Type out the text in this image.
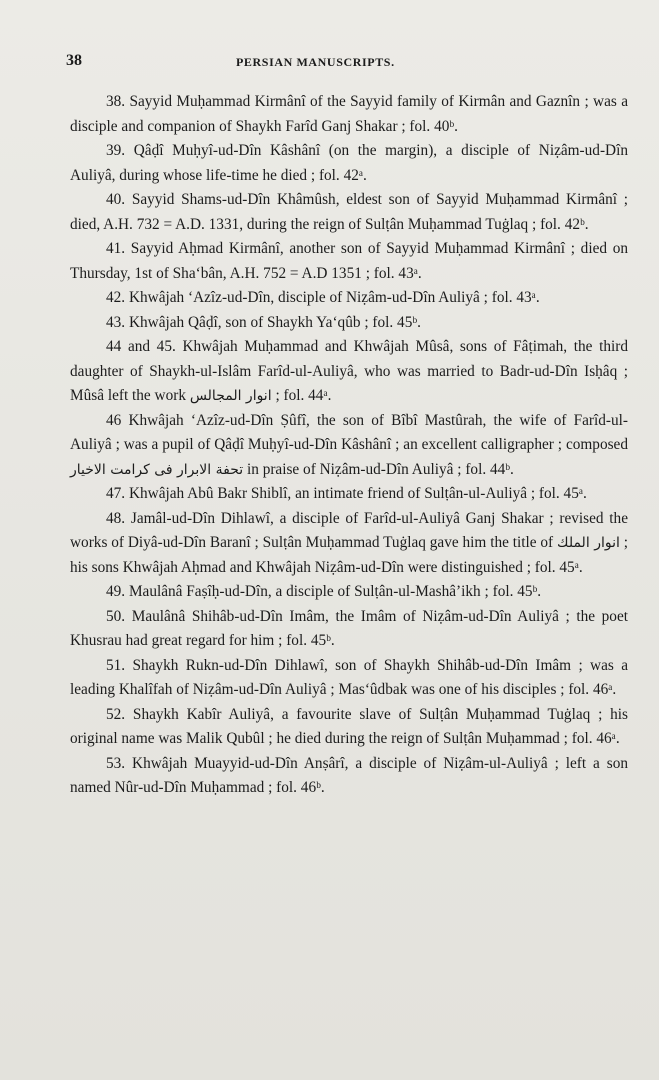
38	PERSIAN MANUSCRIPTS.

38. Sayyid Muḥammad Kirmânî of the Sayyid family of Kirmân and Gaznîn ; was a disciple and companion of Shaykh Farîd Ganj Shakar ; fol. 40ᵇ.

39. Qâḍî Muḥyî-ud-Dîn Kâshânî (on the margin), a disciple of Niẓâm-ud-Dîn Auliyâ, during whose life-time he died ; fol. 42ᵃ.

40. Sayyid Shams-ud-Dîn Khâmûsh, eldest son of Sayyid Muḥammad Kirmânî ; died, A.H. 732 = A.D. 1331, during the reign of Sulṭân Muḥammad Tuġlaq ; fol. 42ᵇ.

41. Sayyid Aḥmad Kirmânî, another son of Sayyid Muḥammad Kirmânî ; died on Thursday, 1st of Sha‘bân, A.H. 752 = A.D 1351 ; fol. 43ᵃ.

42. Khwâjah ‘Azîz-ud-Dîn, disciple of Niẓâm-ud-Dîn Auliyâ ; fol. 43ᵃ.

43. Khwâjah Qâḍî, son of Shaykh Ya‘qûb ; fol. 45ᵇ.

44 and 45. Khwâjah Muḥammad and Khwâjah Mûsâ, sons of Fâṭimah, the third daughter of Shaykh-ul-Islâm Farîd-ul-Auliyâ, who was married to Badr-ud-Dîn Isḥâq ; Mûsâ left the work انوار المجالس ; fol. 44ᵃ.

46 Khwâjah ‘Azîz-ud-Dîn Ṣûfî, the son of Bîbî Mastûrah, the wife of Farîd-ul-Auliyâ ; was a pupil of Qâḍî Muḥyî-ud-Dîn Kâshânî ; an excellent calligrapher ; composed تحفة الابرار فى كرامت الاخيار in praise of Niẓâm-ud-Dîn Auliyâ ; fol. 44ᵇ.

47. Khwâjah Abû Bakr Shiblî, an intimate friend of Sulṭân-ul-Auliyâ ; fol. 45ᵃ.

48. Jamâl-ud-Dîn Dihlawî, a disciple of Farîd-ul-Auliyâ Ganj Shakar ; revised the works of Diyâ-ud-Dîn Baranî ; Sulṭân Muḥammad Tuġlaq gave him the title of انوار الملك ; his sons Khwâjah Aḥmad and Khwâjah Niẓâm-ud-Dîn were distinguished ; fol. 45ᵃ.

49. Maulânâ Faṣîḥ-ud-Dîn, a disciple of Sulṭân-ul-Mashâ’ikh ; fol. 45ᵇ.

50. Maulânâ Shihâb-ud-Dîn Imâm, the Imâm of Niẓâm-ud-Dîn Auliyâ ; the poet Khusrau had great regard for him ; fol. 45ᵇ.

51. Shaykh Rukn-ud-Dîn Dihlawî, son of Shaykh Shihâb-ud-Dîn Imâm ; was a leading Khalîfah of Niẓâm-ud-Dîn Auliyâ ; Mas‘ûdbak was one of his disciples ; fol. 46ᵃ.

52. Shaykh Kabîr Auliyâ, a favourite slave of Sulṭân Muḥammad Tuġlaq ; his original name was Malik Qubûl ; he died during the reign of Sulṭân Muḥammad ; fol. 46ᵃ.

53. Khwâjah Muayyid-ud-Dîn Anṣârî, a disciple of Niẓâm-ul-Auliyâ ; left a son named Nûr-ud-Dîn Muḥammad ; fol. 46ᵇ.
